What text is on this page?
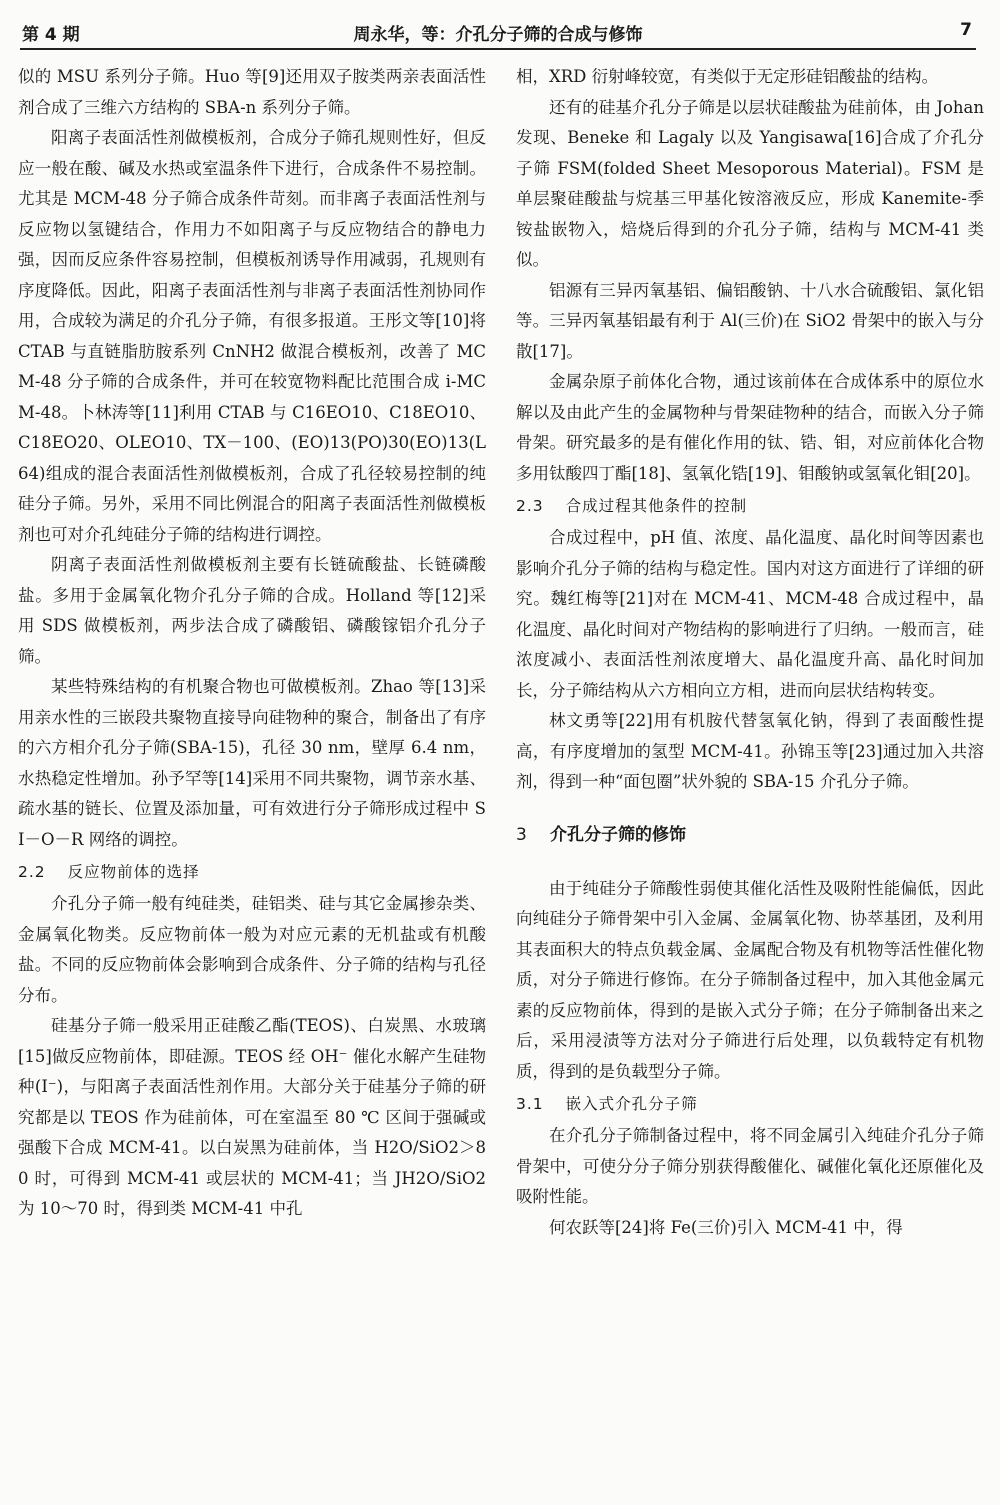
第 4 期	周永华，等：介孔分子筛的合成与修饰	7

似的 MSU 系列分子筛。Huo 等[9]还用双子胺类两亲表面活性剂合成了三维六方结构的 SBA-n 系列分子筛。

阳离子表面活性剂做模板剂，合成分子筛孔规则性好，但反应一般在酸、碱及水热或室温条件下进行，合成条件不易控制。尤其是 MCM-48 分子筛合成条件苛刻。而非离子表面活性剂与反应物以氢键结合，作用力不如阳离子与反应物结合的静电力强，因而反应条件容易控制，但模板剂诱导作用减弱，孔规则有序度降低。因此，阳离子表面活性剂与非离子表面活性剂协同作用，合成较为满足的介孔分子筛，有很多报道。王彤文等[10]将 CTAB 与直链脂肪胺系列 CnNH2 做混合模板剂，改善了 MCM-48 分子筛的合成条件，并可在较宽物料配比范围合成 i-MCM-48。卜林涛等[11]利用 CTAB 与 C16EO10、C18EO10、C18EO20、OLEO10、TX－100、(EO)13(PO)30(EO)13(L64)组成的混合表面活性剂做模板剂，合成了孔径较易控制的纯硅分子筛。另外，采用不同比例混合的阳离子表面活性剂做模板剂也可对介孔纯硅分子筛的结构进行调控。

阴离子表面活性剂做模板剂主要有长链硫酸盐、长链磷酸盐。多用于金属氧化物介孔分子筛的合成。Holland 等[12]采用 SDS 做模板剂，两步法合成了磷酸铝、磷酸镓铝介孔分子筛。

某些特殊结构的有机聚合物也可做模板剂。Zhao 等[13]采用亲水性的三嵌段共聚物直接导向硅物种的聚合，制备出了有序的六方相介孔分子筛(SBA-15)，孔径 30 nm，壁厚 6.4 nm，水热稳定性增加。孙予罕等[14]采用不同共聚物，调节亲水基、疏水基的链长、位置及添加量，可有效进行分子筛形成过程中 SI－O－R 网络的调控。

2.2 反应物前体的选择

介孔分子筛一般有纯硅类，硅铝类、硅与其它金属掺杂类、金属氧化物类。反应物前体一般为对应元素的无机盐或有机酸盐。不同的反应物前体会影响到合成条件、分子筛的结构与孔径分布。

硅基分子筛一般采用正硅酸乙酯(TEOS)、白炭黑、水玻璃[15]做反应物前体，即硅源。TEOS 经 OH⁻ 催化水解产生硅物种(I⁻)，与阳离子表面活性剂作用。大部分关于硅基分子筛的研究都是以 TEOS 作为硅前体，可在室温至 80 ℃ 区间于强碱或强酸下合成 MCM-41。以白炭黑为硅前体，当 H2O/SiO2＞80 时，可得到 MCM-41 或层状的 MCM-41；当 JH2O/SiO2 为 10～70 时，得到类 MCM-41 中孔

相，XRD 衍射峰较宽，有类似于无定形硅铝酸盐的结构。

还有的硅基介孔分子筛是以层状硅酸盐为硅前体，由 Johan 发现、Beneke 和 Lagaly 以及 Yangisawa[16]合成了介孔分子筛 FSM(folded Sheet Mesoporous Material)。FSM 是单层聚硅酸盐与烷基三甲基化铵溶液反应，形成 Kanemite-季铵盐嵌物入，焙烧后得到的介孔分子筛，结构与 MCM-41 类似。

铝源有三异丙氧基铝、偏铝酸钠、十八水合硫酸铝、氯化铝等。三异丙氧基铝最有利于 Al(三价)在 SiO2 骨架中的嵌入与分散[17]。

金属杂原子前体化合物，通过该前体在合成体系中的原位水解以及由此产生的金属物种与骨架硅物种的结合，而嵌入分子筛骨架。研究最多的是有催化作用的钛、锆、钼，对应前体化合物多用钛酸四丁酯[18]、氢氧化锆[19]、钼酸钠或氢氧化钼[20]。

2.3 合成过程其他条件的控制

合成过程中，pH 值、浓度、晶化温度、晶化时间等因素也影响介孔分子筛的结构与稳定性。国内对这方面进行了详细的研究。魏红梅等[21]对在 MCM-41、MCM-48 合成过程中，晶化温度、晶化时间对产物结构的影响进行了归纳。一般而言，硅浓度减小、表面活性剂浓度增大、晶化温度升高、晶化时间加长，分子筛结构从六方相向立方相，进而向层状结构转变。

林文勇等[22]用有机胺代替氢氧化钠，得到了表面酸性提高，有序度增加的氢型 MCM-41。孙锦玉等[23]通过加入共溶剂，得到一种“面包圈”状外貌的 SBA-15 介孔分子筛。

3 介孔分子筛的修饰

由于纯硅分子筛酸性弱使其催化活性及吸附性能偏低，因此向纯硅分子筛骨架中引入金属、金属氧化物、协萃基团，及利用其表面积大的特点负载金属、金属配合物及有机物等活性催化物质，对分子筛进行修饰。在分子筛制备过程中，加入其他金属元素的反应物前体，得到的是嵌入式分子筛；在分子筛制备出来之后，采用浸渍等方法对分子筛进行后处理，以负载特定有机物质，得到的是负载型分子筛。

3.1 嵌入式介孔分子筛

在介孔分子筛制备过程中，将不同金属引入纯硅介孔分子筛骨架中，可使分分子筛分别获得酸催化、碱催化氧化还原催化及吸附性能。

何农跃等[24]将 Fe(三价)引入 MCM-41 中，得
